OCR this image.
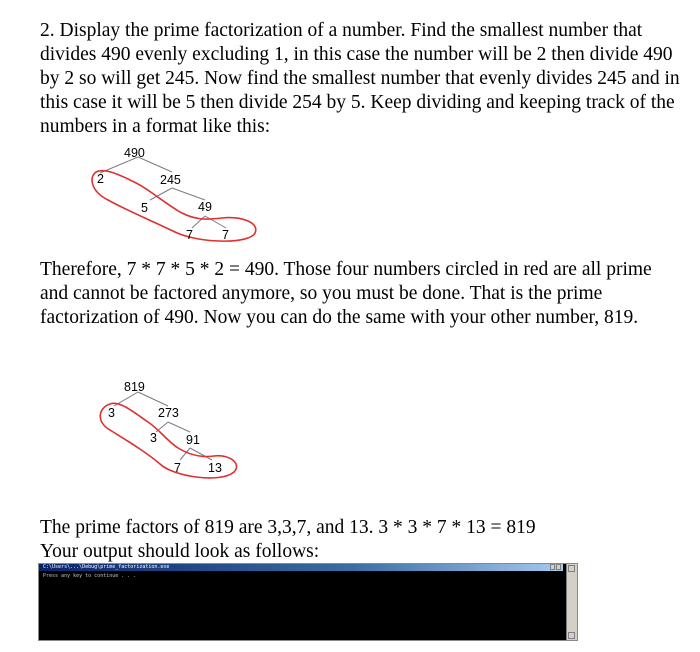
2. Display the prime factorization of a number. Find the smallest number that divides 490 evenly excluding 1, in this case the number will be 2 then divide 490 by 2 so will get 245. Now find the smallest number that evenly divides 245 and in this case it will be 5 then divide 254 by 5. Keep dividing and keeping track of the numbers in a format like this:

490
2	245
5	49
7 7

Therefore, 7 * 7 * 5 * 2 = 490. Those four numbers circled in red are all prime and cannot be factored anymore, so you must be done. That is the prime factorization of 490. Now you can do the same with your other number, 819.

819
3	273
3 91
7 13

The prime factors of 819 are 3,3,7, and 13. 3 * 3 * 7 * 13 = 819
Your output should look as follows:

C:\Users\...\Debug\prime_factorization.exe
Press any key to continue . . .
